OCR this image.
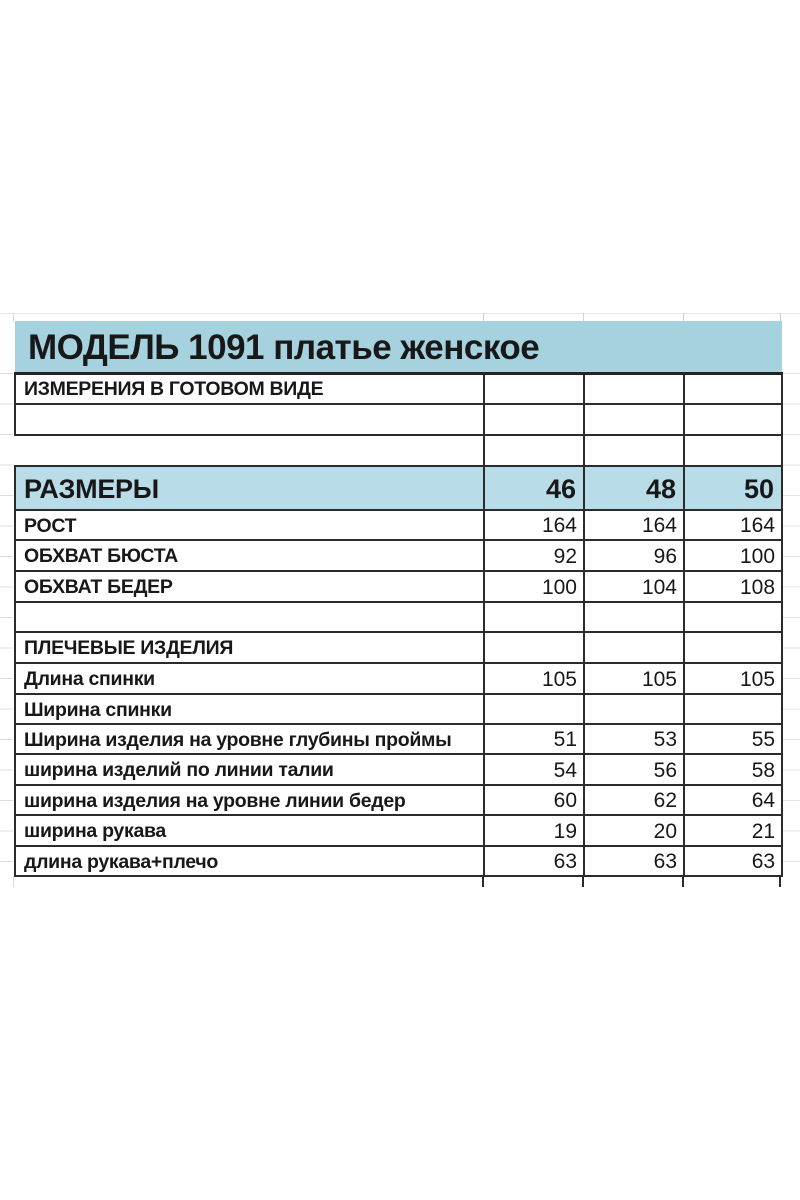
МОДЕЛЬ 1091 платье женское			
ИЗМЕРЕНИЯ В ГОТОВОМ ВИДЕ			

РАЗМЕРЫ	46	48	50
РОСТ	164	164	164
ОБХВАТ БЮСТА	92	96	100
ОБХВАТ БЕДЕР	100	104	108

ПЛЕЧЕВЫЕ ИЗДЕЛИЯ			
Длина спинки	105	105	105
Ширина спинки			
Ширина изделия на уровне глубины проймы	51	53	55
ширина изделий по линии талии	54	56	58
ширина изделия на уровне линии бедер	60	62	64
ширина рукава	19	20	21
длина рукава+плечо	63	63	63
